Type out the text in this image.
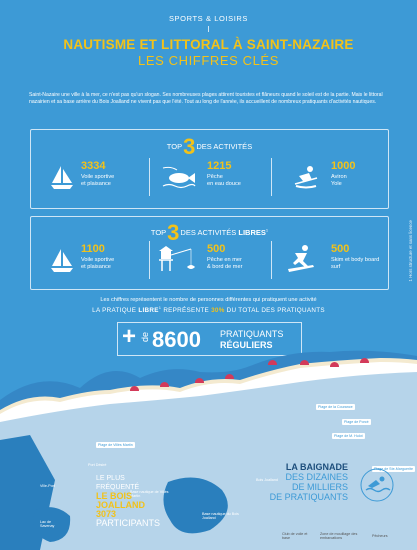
SPORTS & LOISIRS
NAUTISME ET LITTORAL À SAINT-NAZAIRE
LES CHIFFRES CLÉS
Saint-Nazaire une ville à la mer, ce n'est pas qu'un slogan. Ses nombreuses plages attirent touristes et flâneurs quand le soleil est de la partie. Mais le littoral nazairien et sa base arrière du Bois Joalland ne vivent pas que l'été. Tout au long de l'année, ils accueillent de nombreux pratiquants d'activités nautiques.
TOP3DES ACTIVITÉS
3334
Voile sportive
et plaisance
1215
Pêche
en eau douce
1000
Aviron
Yole
TOP3DES ACTIVITÉS LIBRES$^1$
1100
Voile sportive
et plaisance
500
Pêche en mer
& bord de mer
500
Skim et body board
surf
Les chiffres représentent le nombre de personnes différentes qui pratiquent une activité
LA PRATIQUE LIBRE$^1$ REPRÉSENTE 30% DU TOTAL DES PRATIQUANTS
+ de 8600 PRATIQUANTS
RÉGULIERS
1 Hors structure et sans licence
Plage de la Courance
Plage de Porcé
Plage de M. Hulot
Plage de Villès Martin
Plage de Ste-Marguerite
Ville-Port
Port Désiré
Base nautique de Villès Martin
Base nautique du Bois Joalland
Bois Joalland
Lac de Savenay
LE PLUS
FRÉQUENTÉ
LE BOIS
JOALLAND
3073
PARTICIPANTS
LA BAIGNADE
DES DIZAINES
DE MILLIERS
DE PRATIQUANTS
Club de voile et base
Zone de mouillage des embarcations	Pêcheurs
